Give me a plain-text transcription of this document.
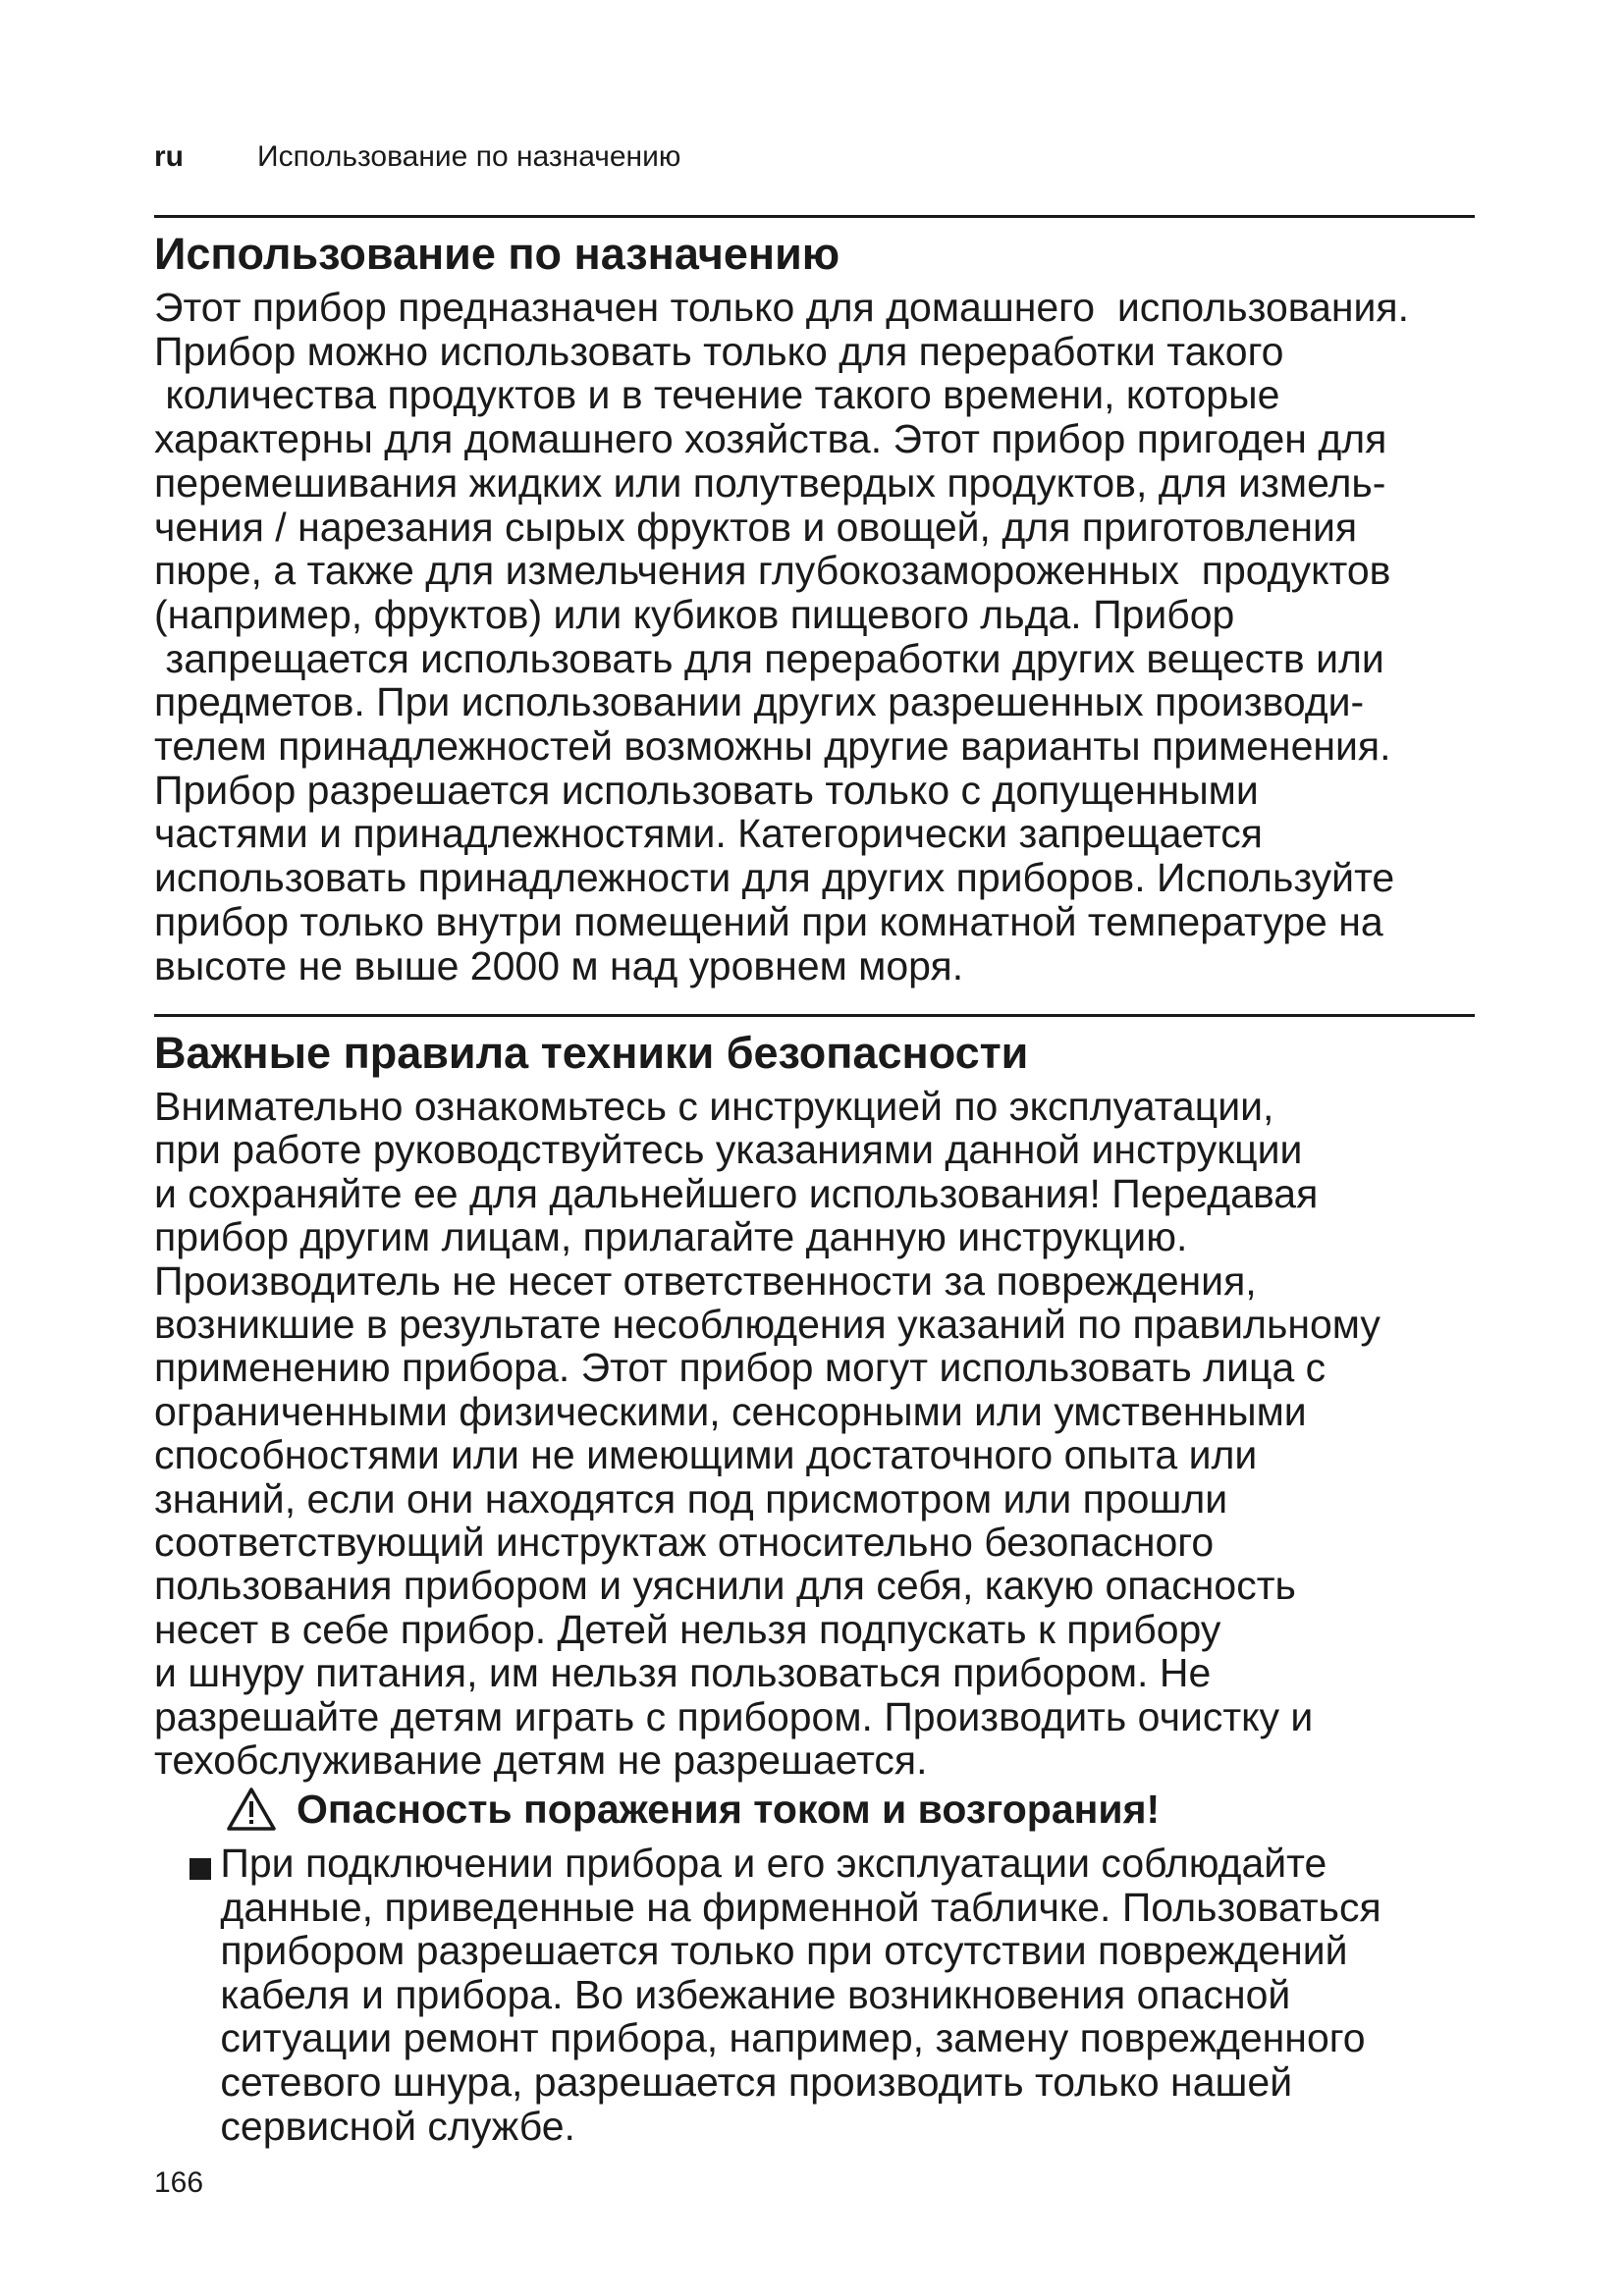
ru	Использование по назначению
Использование по назначению
Этот прибор предназначен только для домашнего  использования.
Прибор можно использовать только для переработки такого
количества продуктов и в течение такого времени, которые
характерны для домашнего хозяйства. Этот прибор пригоден для
перемешивания жидких или полутвердых продуктов, для измель-
чения / нарезания сырых фруктов и овощей, для приготовления
пюре, а также для измельчения глубокозамороженных  продуктов
(например, фруктов) или кубиков пищевого льда. Прибор
запрещается использовать для переработки других веществ или
предметов. При использовании других разрешенных производи-
телем принадлежностей возможны другие варианты применения.
Прибор разрешается использовать только с допущенными
частями и принадлежностями. Категорически запрещается
использовать принадлежности для других приборов. Используйте
прибор только внутри помещений при комнатной температуре на
высоте не выше 2000 м над уровнем моря.
Важные правила техники безопасности
Внимательно ознакомьтесь с инструкцией по эксплуатации,
при работе руководствуйтесь указаниями данной инструкции
и сохраняйте ее для дальнейшего использования! Передавая
прибор другим лицам, прилагайте данную инструкцию.
Производитель не несет ответственности за повреждения,
возникшие в результате несоблюдения указаний по правильному
применению прибора. Этот прибор могут использовать лица с
ограниченными физическими, сенсорными или умственными
способностями или не имеющими достаточного опыта или
знаний, если они находятся под присмотром или прошли
соответствующий инструктаж относительно безопасного
пользования прибором и уяснили для себя, какую опасность
несет в себе прибор. Детей нельзя подпускать к прибору
и шнуру питания, им нельзя пользоваться прибором. Не
разрешайте детям играть с прибором. Производить очистку и
техобслуживание детям не разрешается.
Опасность поражения током и возгорания!
При подключении прибора и его эксплуатации соблюдайте
данные, приведенные на фирменной табличке. Пользоваться
прибором разрешается только при отсутствии повреждений
кабеля и прибора. Во избежание возникновения опасной
ситуации ремонт прибора, например, замену поврежденного
сетевого шнура, разрешается производить только нашей
сервисной службе.
166
